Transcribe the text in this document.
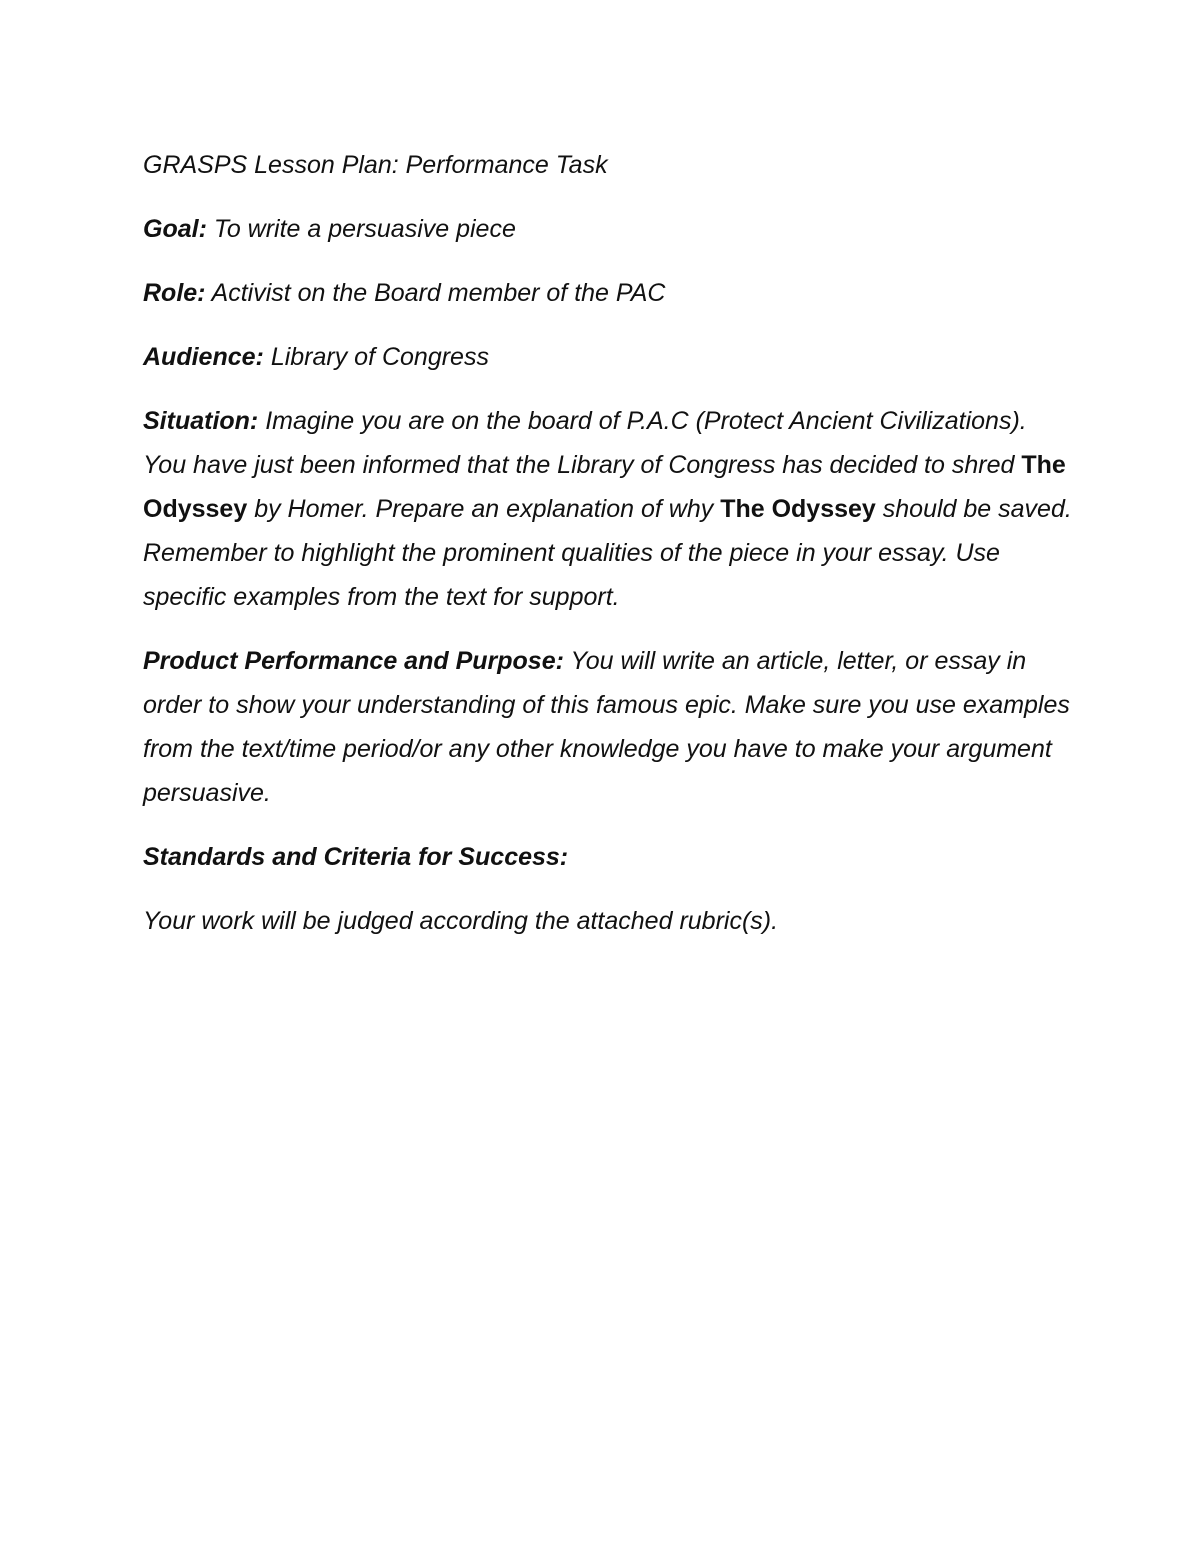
GRASPS Lesson Plan: Performance Task

Goal: To write a persuasive piece

Role: Activist on the Board member of the PAC

Audience: Library of Congress

Situation: Imagine you are on the board of P.A.C (Protect Ancient Civilizations). You have just been informed that the Library of Congress has decided to shred The Odyssey by Homer. Prepare an explanation of why The Odyssey should be saved. Remember to highlight the prominent qualities of the piece in your essay. Use specific examples from the text for support.

Product Performance and Purpose: You will write an article, letter, or essay in order to show your understanding of this famous epic. Make sure you use examples from the text/time period/or any other knowledge you have to make your argument persuasive.

Standards and Criteria for Success:

Your work will be judged according the attached rubric(s).
